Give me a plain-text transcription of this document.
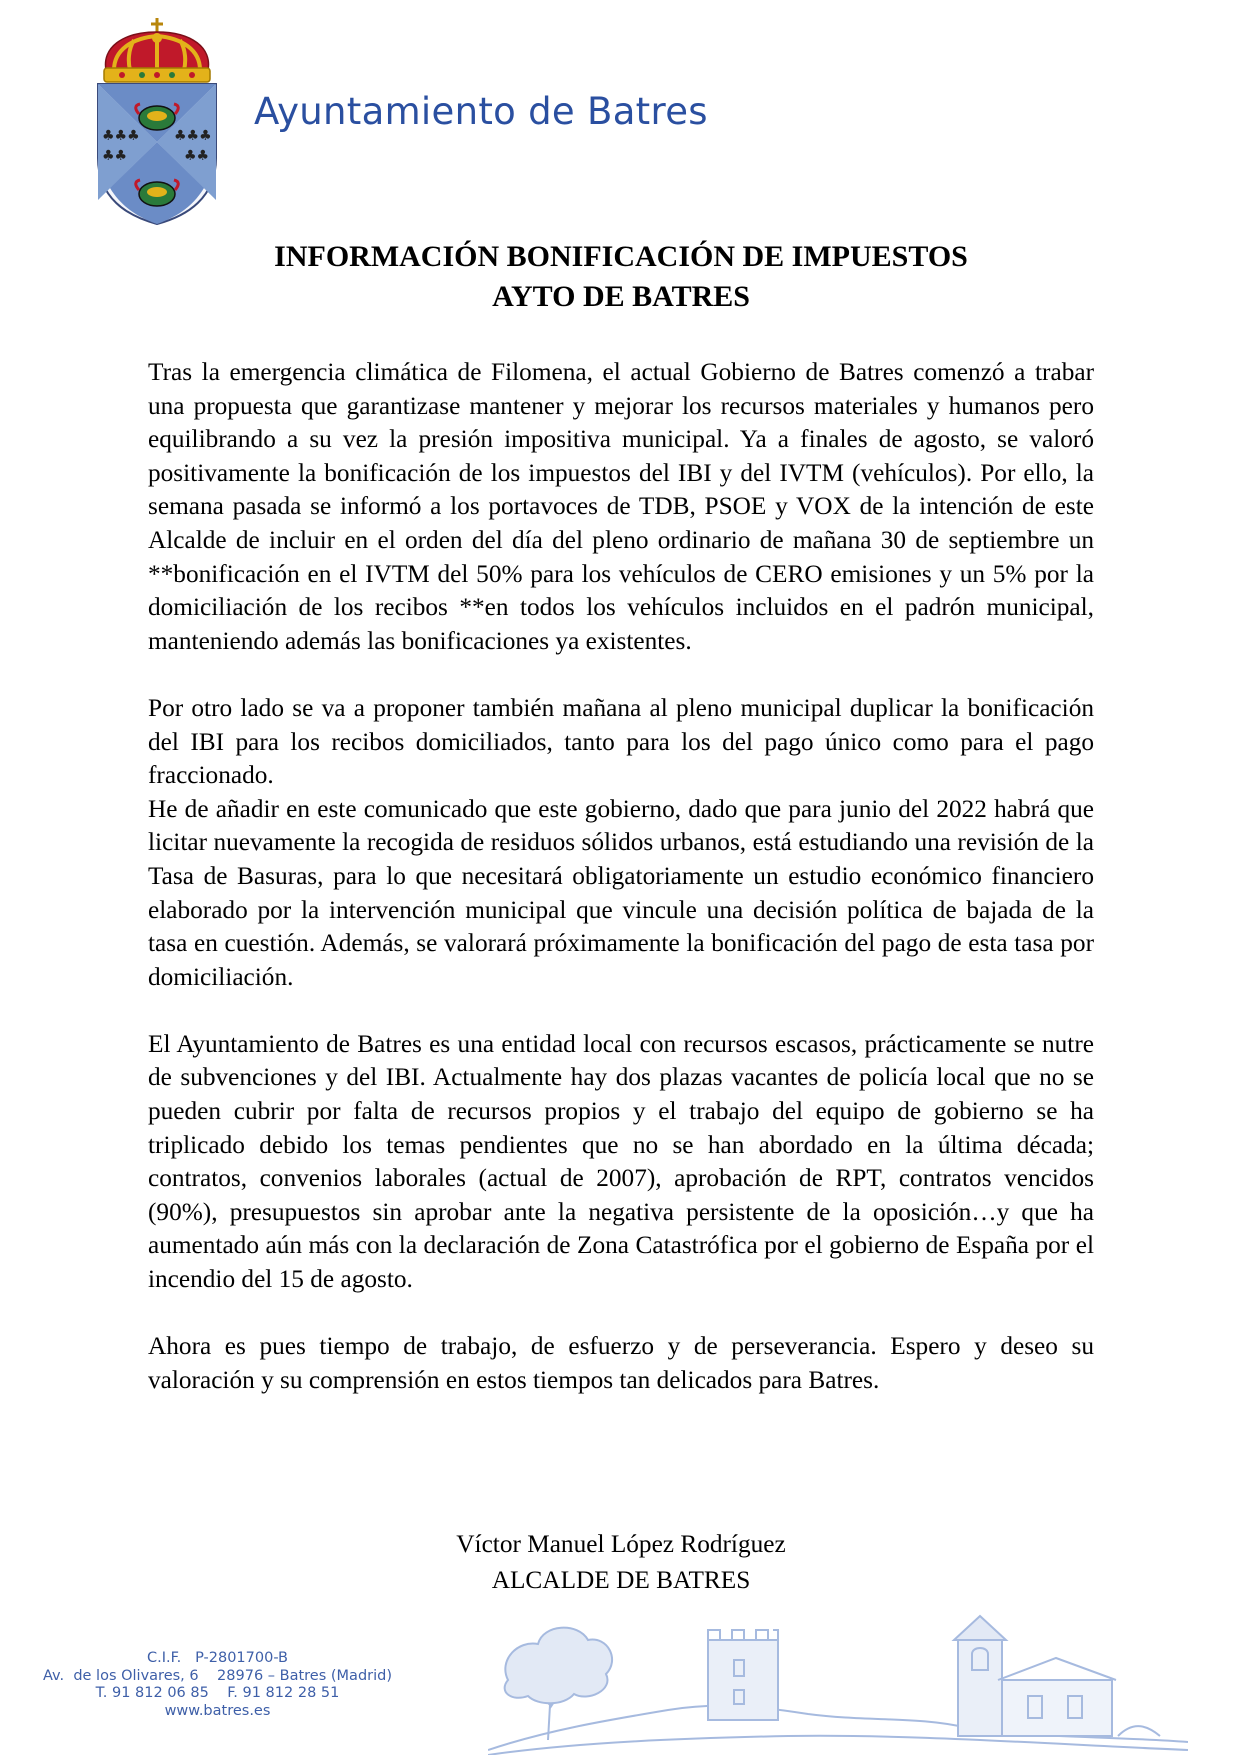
♣♣♣
♣♣
♣♣♣
♣♣
Ayuntamiento de Batres
INFORMACIÓN BONIFICACIÓN DE IMPUESTOS
AYTO DE BATRES

Tras la emergencia climática de Filomena, el actual Gobierno de Batres comenzó a trabar una propuesta que garantizase mantener y mejorar los recursos materiales y humanos pero equilibrando a su vez la presión impositiva municipal. Ya a finales de agosto, se valoró positivamente la bonificación de los impuestos del IBI y del IVTM (vehículos). Por ello, la semana pasada se informó a los portavoces de TDB, PSOE y VOX de la intención de este Alcalde de incluir en el orden del día del pleno ordinario de mañana 30 de septiembre un **bonificación en el IVTM del 50% para los vehículos de CERO emisiones y un 5% por la domiciliación de los recibos **en todos los vehículos incluidos en el padrón municipal, manteniendo además las bonificaciones ya existentes.

Por otro lado se va a proponer también mañana al pleno municipal duplicar la bonificación del IBI para los recibos domiciliados, tanto para los del pago único como para el pago fraccionado.

He de añadir en este comunicado que este gobierno, dado que para junio del 2022 habrá que licitar nuevamente la recogida de residuos sólidos urbanos, está estudiando una revisión de la Tasa de Basuras, para lo que necesitará obligatoriamente un estudio económico financiero elaborado por la intervención municipal que vincule una decisión política de bajada de la tasa en cuestión. Además, se valorará próximamente la bonificación del pago de esta tasa por domiciliación.

El Ayuntamiento de Batres es una entidad local con recursos escasos, prácticamente se nutre de subvenciones y del IBI. Actualmente hay dos plazas vacantes de policía local que no se pueden cubrir por falta de recursos propios y el trabajo del equipo de gobierno se ha triplicado debido los temas pendientes que no se han abordado en la última década; contratos, convenios laborales (actual de 2007), aprobación de RPT, contratos vencidos (90%), presupuestos sin aprobar ante la negativa persistente de la oposición…y que ha aumentado aún más con la declaración de Zona Catastrófica por el gobierno de España por el incendio del 15 de agosto.

Ahora es pues tiempo de trabajo, de esfuerzo y de perseverancia. Espero y deseo su valoración y su comprensión en estos tiempos tan delicados para Batres.

Víctor Manuel López Rodríguez
ALCALDE DE BATRES
C.I.F.   P-2801700-B
Av.  de los Olivares, 6    28976 – Batres (Madrid)
T. 91 812 06 85    F. 91 812 28 51
www.batres.es
